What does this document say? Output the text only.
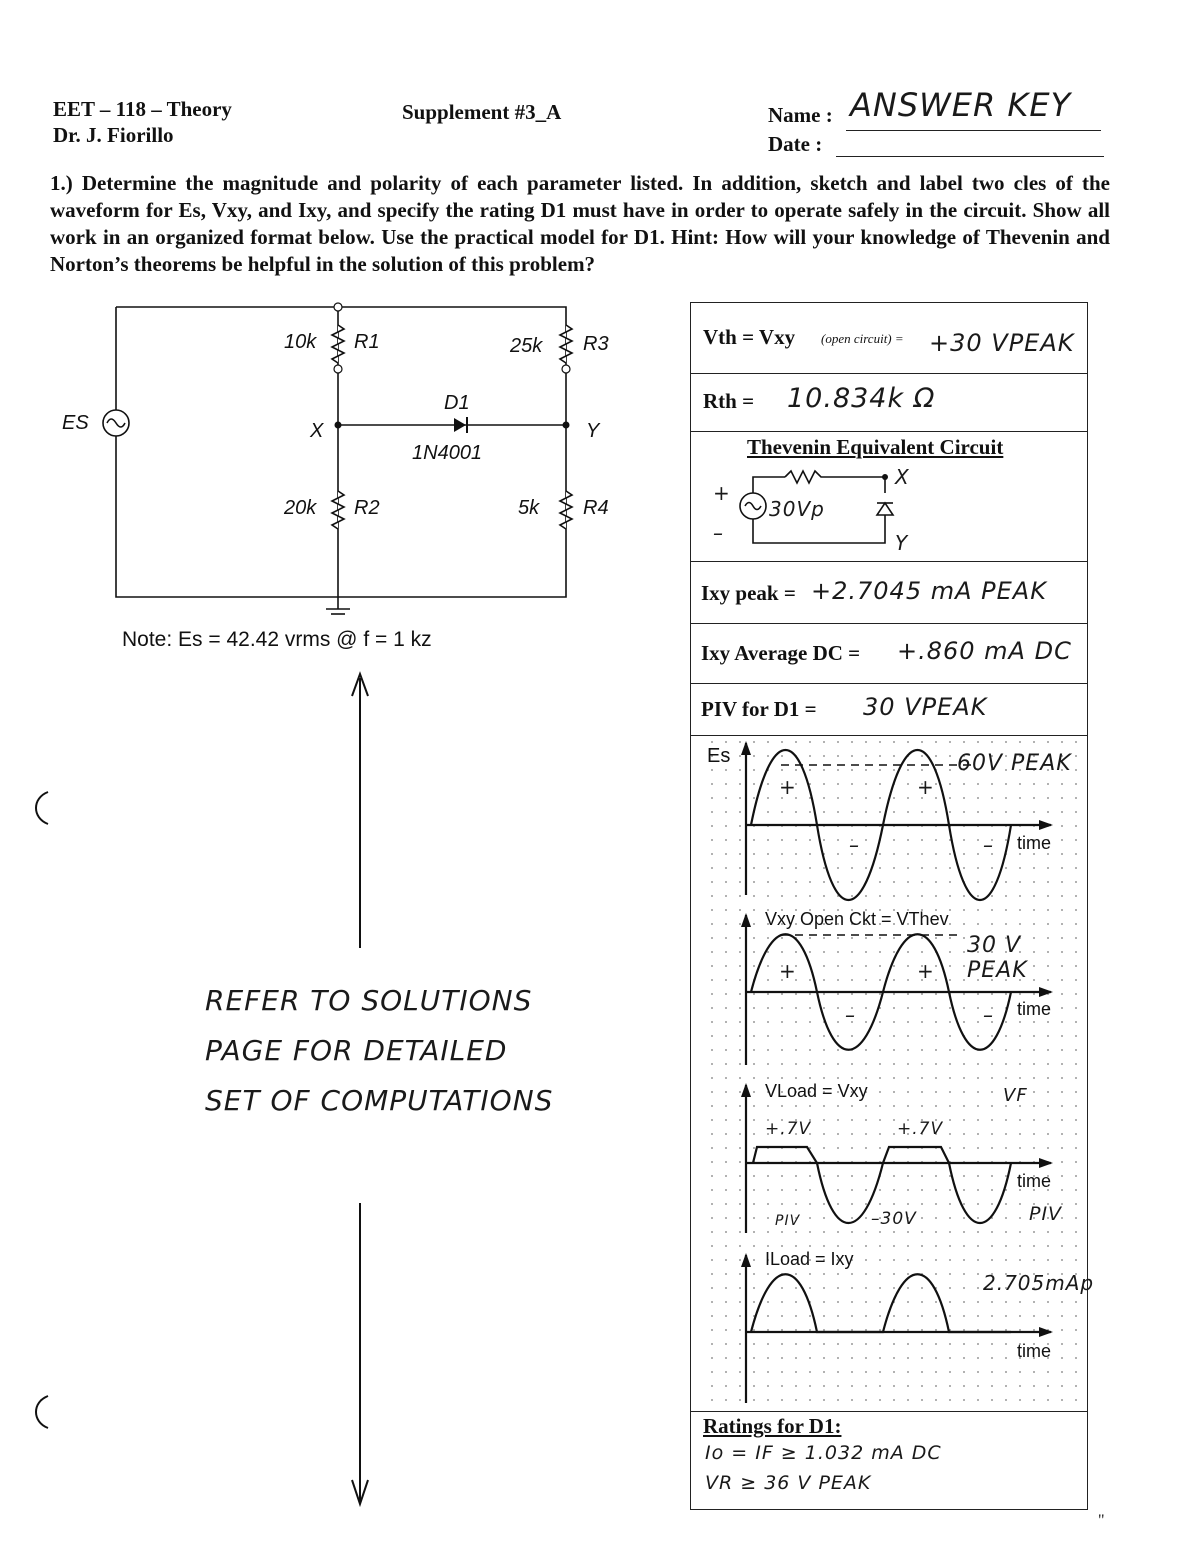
EET – 118 – Theory
Dr. J. Fiorillo
Supplement #3_A	Name : ANSWER KEY
Date :
1.) Determine the magnitude and polarity of each parameter listed. In addition, sketch and label two cles of the waveform for Es, Vxy, and Ixy, and specify the rating D1 must have in order to operate safely in the circuit. Show all work in an organized format below. Use the practical model for D1. Hint: How will your knowledge of Thevenin and Norton’s theorems be helpful in the solution of this problem?
ES
10k R1	25k R3
20k R2	5k R4
D1
1N4001
X	Y
Note: Es = 42.42 vrms @ f = 1 kz
REFER TO SOLUTIONS
PAGE FOR DETAILED
SET OF COMPUTATIONS
Vth = Vxy (open circuit) = +30 VPEAK
Rth = 10.834k Ω
Thevenin Equivalent Circuit
+
–
30Vp
X
Y
Ixy peak = +2.7045 mA PEAK
Ixy Average DC = +.860 mA DC
PIV for D1 = 30 VPEAK
Es	60V PEAK
+	+
–	– time
Vxy Open Ckt = VThev
30 V PEAK
+	+
–	– time
VLoad = Vxy	VF
+.7V	+.7V
time
PIV	–30V	PIV
ILoad = Ixy
2.705mAp
time
Ratings for D1:
Io = IF ≥ 1.032 mA DC
VR ≥ 36 V PEAK
"
